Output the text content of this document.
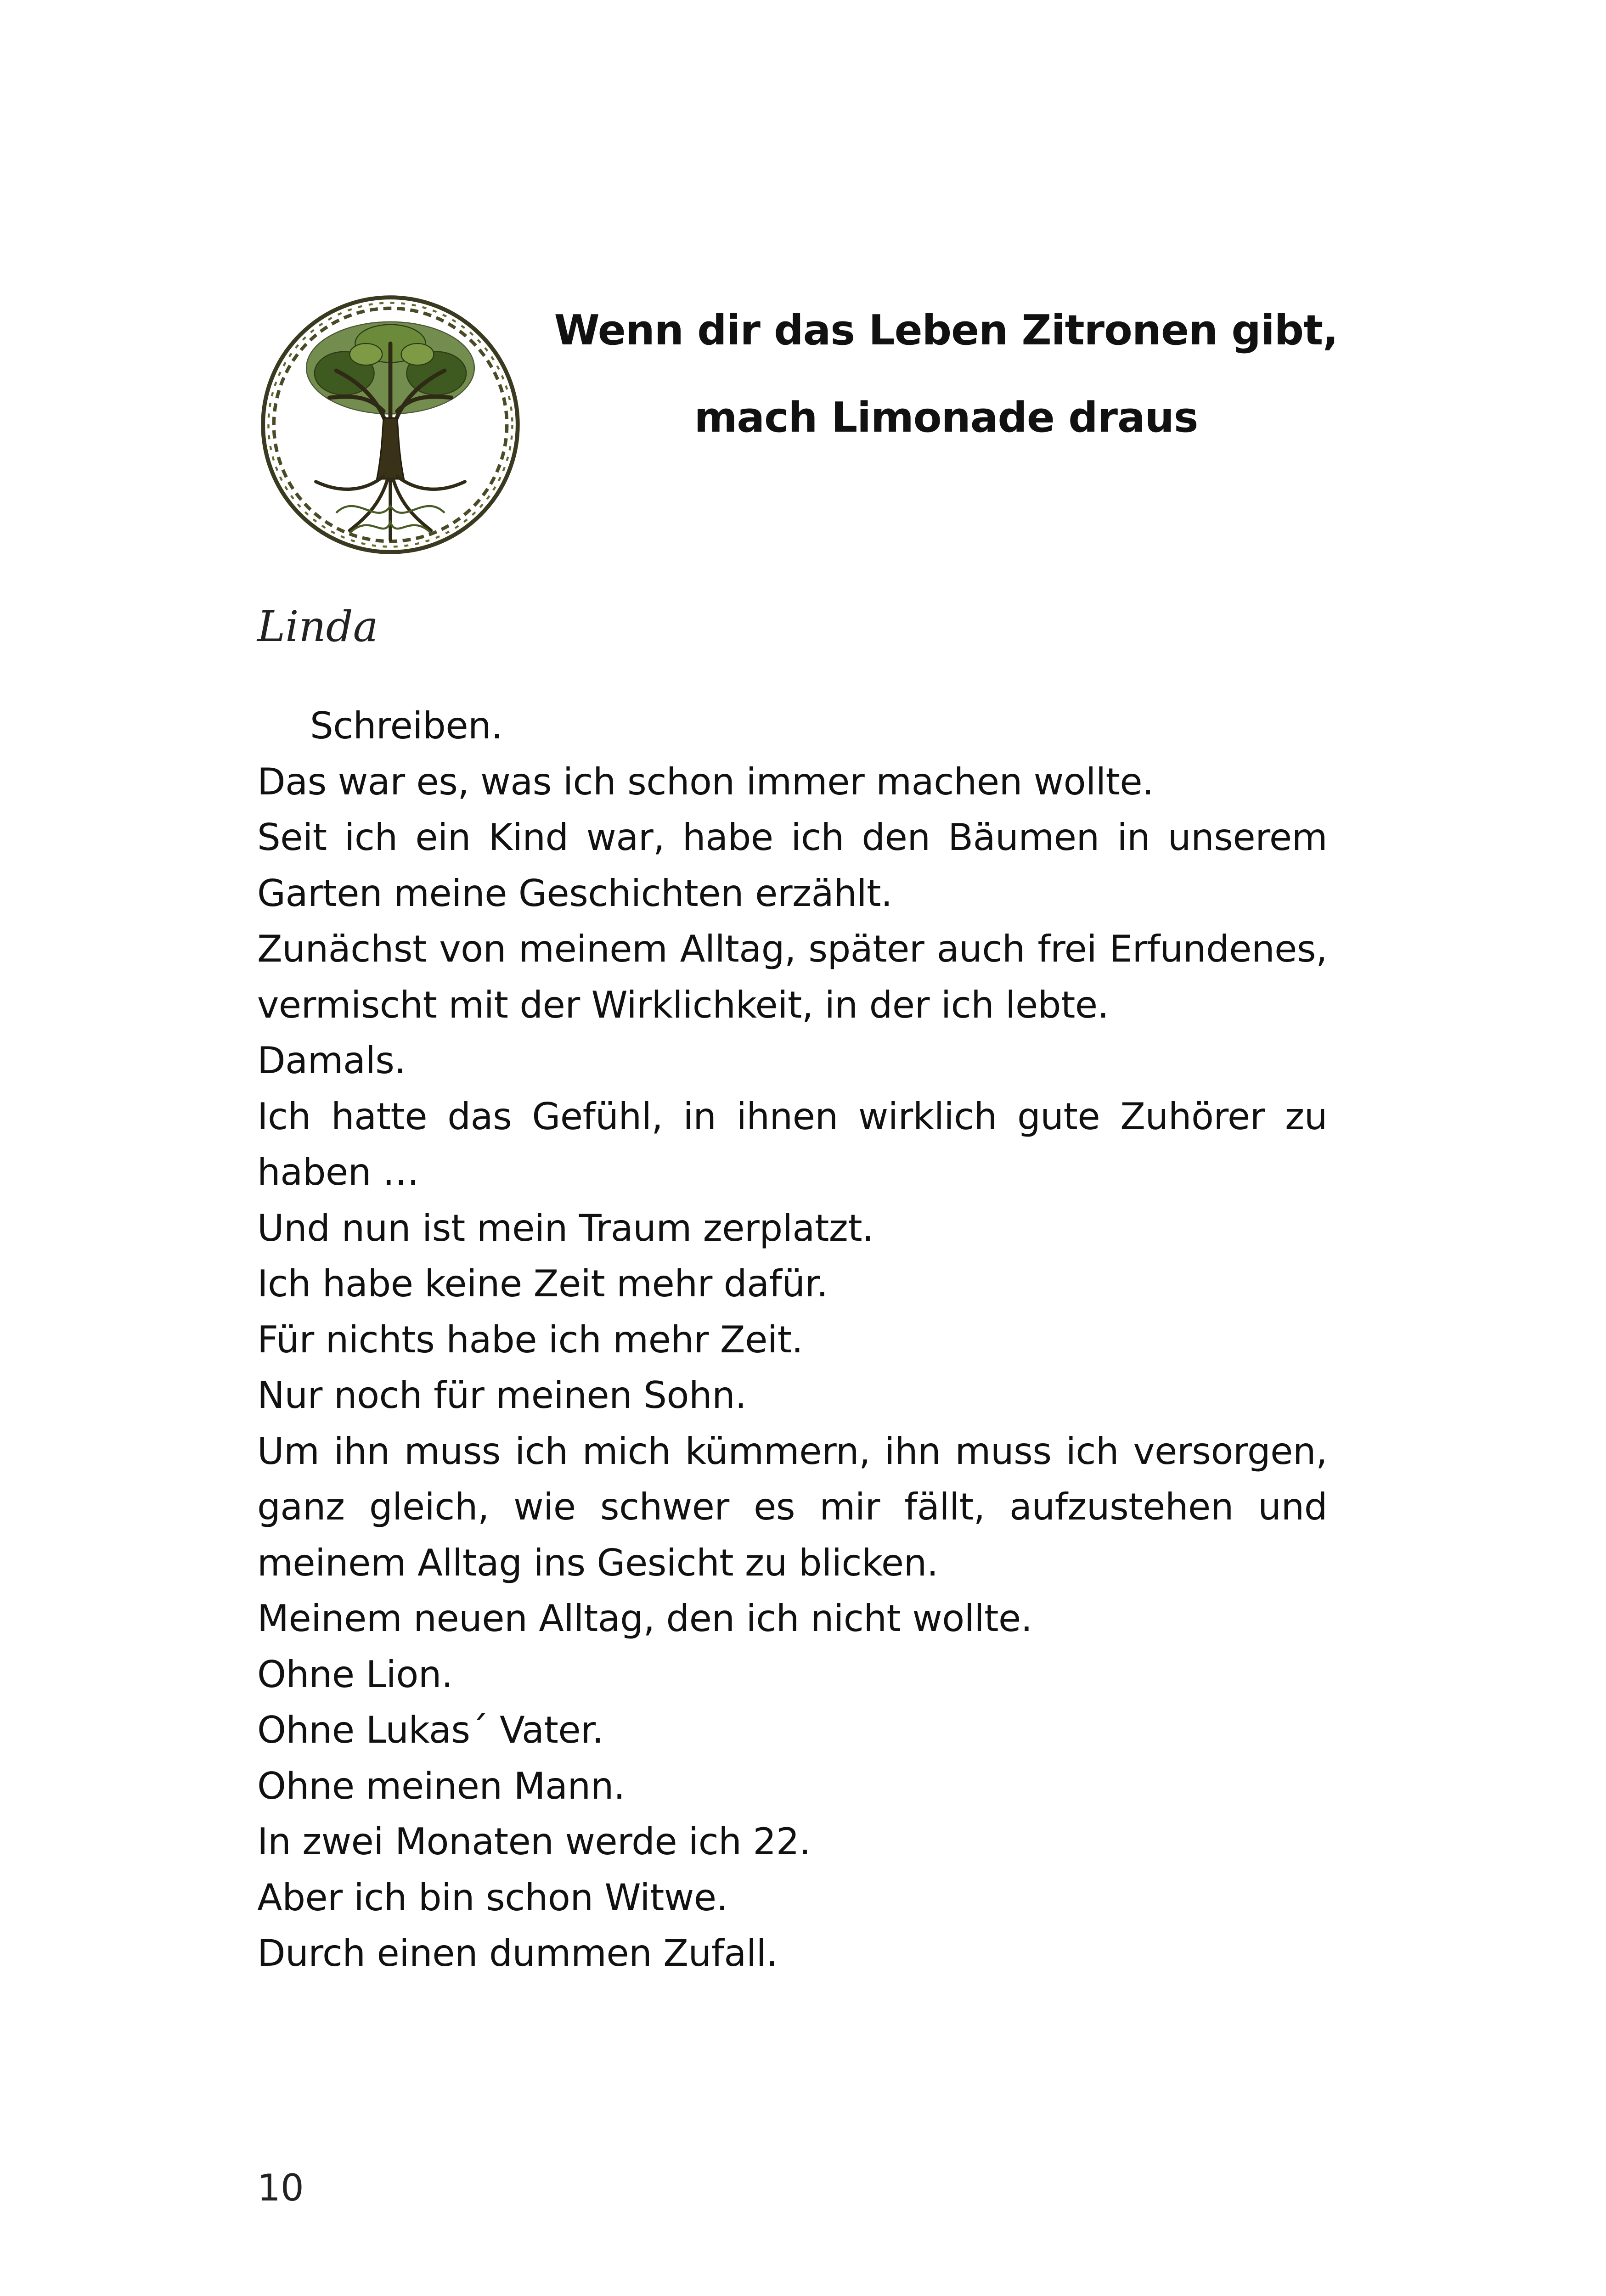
Wenn dir das Leben Zitronen gibt,
mach Limonade draus
Linda
Schreiben.
Das war es, was ich schon immer machen wollte.
Seit ich ein Kind war, habe ich den Bäumen in unserem
Garten meine Geschichten erzählt.
Zunächst von meinem Alltag, später auch frei Erfundenes,
vermischt mit der Wirklichkeit, in der ich lebte.
Damals.
Ich hatte das Gefühl, in ihnen wirklich gute Zuhörer zu
haben …
Und nun ist mein Traum zerplatzt.
Ich habe keine Zeit mehr dafür.
Für nichts habe ich mehr Zeit.
Nur noch für meinen Sohn.
Um ihn muss ich mich kümmern, ihn muss ich versorgen,
ganz gleich, wie schwer es mir fällt, aufzustehen und
meinem Alltag ins Gesicht zu blicken.
Meinem neuen Alltag, den ich nicht wollte.
Ohne Lion.
Ohne Lukas´ Vater.
Ohne meinen Mann.
In zwei Monaten werde ich 22.
Aber ich bin schon Witwe.
Durch einen dummen Zufall.
10
